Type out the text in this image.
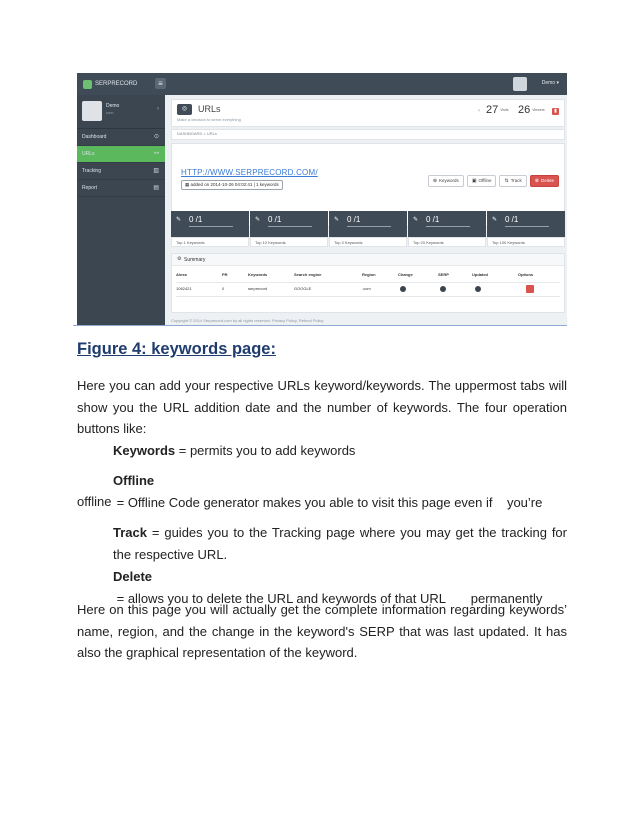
SERPRECORD	≡	Demo ▾
Demo
user
›
Dashboard	⊙
URLs	⚯
Tracking	▥
Report	▤
◎	URLs
Make a decision to serve everything
› 27 Visits 26 Viewers	▮
DASHBOARD > URLs
HTTP://WWW.SERPRECORD.COM/
▦ added on 2014-10-26 04:02:41 | 1 keywords
⊕ Keywords	▣ Offline	⇅ Track	⊗ Delete
✎ 0 /1
Top 1 Keywords
✎ 0 /1
Top 10 Keywords
✎ 0 /1
Top 3 Keywords
✎ 0 /1
Top 20 Keywords
✎ 0 /1
Top 100 Keywords
⚙ Summary
Alexa	PR	Keywords	Search engine	Region	Change	SERP	Updated	Options
1062421	0	serprecord	GOOGLE	.com
Copyright © 2014 Serprecord.com by all rights reserved. Privacy Policy, Refund Policy
Figure 4: keywords page:

Here you can add your respective URLs keyword/keywords. The uppermost tabs will show you the URL addition date and the number of keywords. The four operation buttons like:

Keywords = permits you to add keywords

Offline = Offline Code generator makes you able to visit this page even if    you’re

offline

Track = guides you to the Tracking page where you may get the tracking for the respective URL.

Delete = allows you to delete the URL and keywords of that URL       permanently

Here on this page you will actually get the complete information regarding keywords’ name, region, and the change in the keyword's SERP that was last updated. It has also the graphical representation of the keyword.
